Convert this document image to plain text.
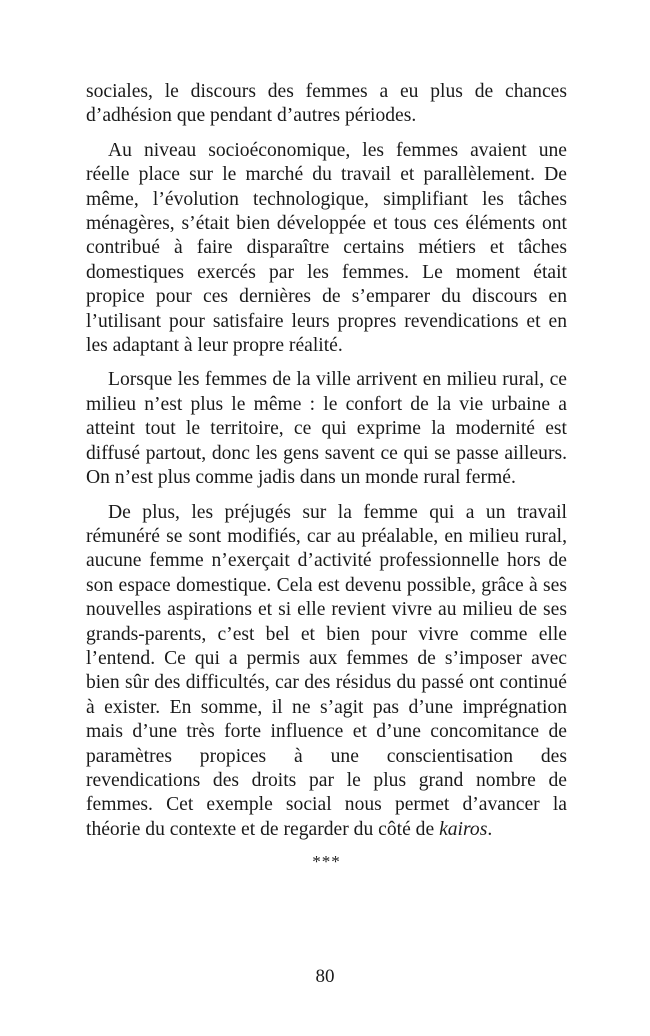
sociales, le discours des femmes a eu plus de chances d’adhésion que pendant d’autres périodes.

Au niveau socioéconomique, les femmes avaient une réelle place sur le marché du travail et parallèlement. De même, l’évolution technologique, simplifiant les tâches ménagères, s’était bien développée et tous ces éléments ont contribué à faire disparaître certains métiers et tâches domestiques exercés par les femmes. Le moment était propice pour ces dernières de s’emparer du discours en l’utilisant pour satisfaire leurs propres revendications et en les adaptant à leur propre réalité.

Lorsque les femmes de la ville arrivent en milieu rural, ce milieu n’est plus le même : le confort de la vie urbaine a atteint tout le territoire, ce qui exprime la modernité est diffusé partout, donc les gens savent ce qui se passe ailleurs. On n’est plus comme jadis dans un monde rural fermé.

De plus, les préjugés sur la femme qui a un travail rémunéré se sont modifiés, car au préalable, en milieu rural, aucune femme n’exerçait d’activité professionnelle hors de son espace domestique. Cela est devenu possible, grâce à ses nouvelles aspirations et si elle revient vivre au milieu de ses grands-parents, c’est bel et bien pour vivre comme elle l’entend. Ce qui a permis aux femmes de s’imposer avec bien sûr des difficultés, car des résidus du passé ont continué à exister. En somme, il ne s’agit pas d’une imprégnation mais d’une très forte influence et d’une concomitance de paramètres propices à une conscientisation des revendications des droits par le plus grand nombre de femmes. Cet exemple social nous permet d’avancer la théorie du contexte et de regarder du côté de kairos.

***
80
